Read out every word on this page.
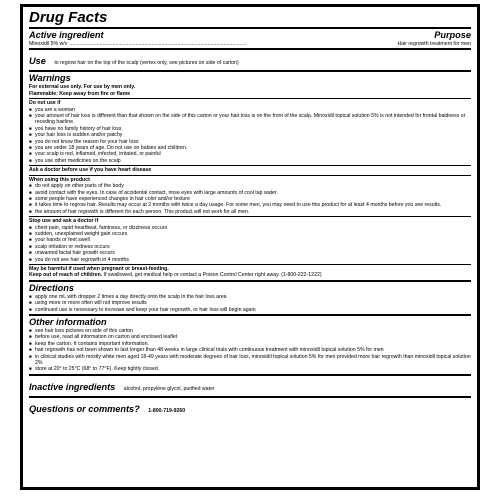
Drug Facts
Active ingredient	Purpose
Minoxidil 5% w/v ...........................................................................................................................	Hair regrowth treatment for men
Use to regrow hair on the top of the scalp (vertex only, see pictures on side of carton)
Warnings
For external use only. For use by men only.
Flammable: Keep away from fire or flame
Do not use if
■ you are a woman
■ your amount of hair loss is different than that shown on the side of this carton or your hair loss is on the front of the scalp. Minoxidil topical solution 5% is not intended for frontal baldness or receding hairline.
■ you have no family history of hair loss
■ your hair loss is sudden and/or patchy
■ you do not know the reason for your hair loss
■ you are under 18 years of age. Do not use on babies and children.
■ your scalp is red, inflamed, infected, irritated, or painful
■ you use other medicines on the scalp
Ask a doctor before use if you have heart disease
When using this product
■ do not apply on other parts of the body
■ avoid contact with the eyes. In case of accidental contact, rinse eyes with large amounts of cool tap water.
■ some people have experienced changes in hair color and/or texture
■ it takes time to regrow hair. Results may occur at 2 months with twice a day usage. For some men, you may need to use this product for at least 4 months before you see results.
■ the amount of hair regrowth is different for each person. This product will not work for all men.
Stop use and ask a doctor if
■ chest pain, rapid heartbeat, faintness, or dizziness occurs
■ sudden, unexplained weight gain occurs
■ your hands or feet swell
■ scalp irritation or redness occurs
■ unwanted facial hair growth occurs
■ you do not see hair regrowth in 4 months
May be harmful if used when pregnant or breast-feeding.
Keep out of reach of children. If swallowed, get medical help or contact a Poison Control Center right away. (1-800-222-1222)
Directions
■ apply one mL with dropper 2 times a day directly onto the scalp in the hair loss area
■ using more or more often will not improve results
■ continued use is necessary to increase and keep your hair regrowth, or hair loss will begin again
Other information
■ see hair loss pictures on side of this carton
■ before use, read all information on carton and enclosed leaflet
■ keep the carton. It contains important information.
■ hair regrowth has not been shown to last longer than 48 weeks in large clinical trials with continuous treatment with minoxidil topical solution 5% for men
■ in clinical studies with mostly white men aged 18-49 years with moderate degrees of hair loss, minoxidil topical solution 5% for men provided more hair regrowth than minoxidil topical solution 2%
■ store at 20° to 25°C (68° to 77°F). Keep tightly closed.
Inactive ingredients alcohol, propylene glycol, purified water
Questions or comments? 1-800-719-9260
